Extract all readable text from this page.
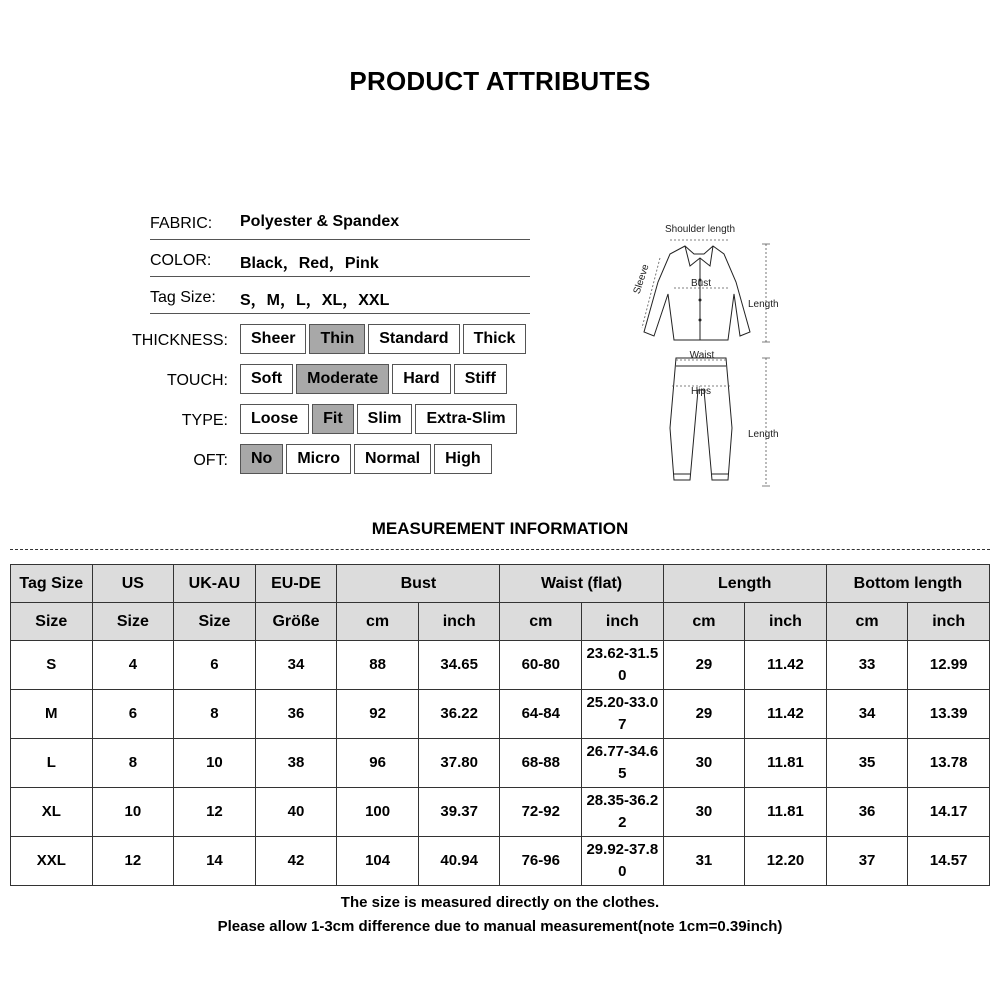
PRODUCT ATTRIBUTES
FABRIC: Polyester & Spandex
COLOR: Black，Red，Pink
Tag Size: S，M，L，XL，XXL
THICKNESS:	Sheer	Thin	Standard	Thick
TOUCH:	Soft	Moderate	Hard	Stiff
TYPE:	Loose	Fit	Slim	Extra-Slim
OFT:	No	Micro	Normal	High
Shoulder length
Sleeve	Bust
Length
Waist
Hips
Length
MEASUREMENT INFORMATION
Tag Size	US	UK-AU	EU-DE	Bust		Waist (flat)		Length		Bottom length	
Size	Size	Size	Größe	cm	inch	cm	inch	cm	inch	cm	inch
S	4	6	34	88	34.65	60-80	23.62-31.50	29	11.42	33	12.99
M	6	8	36	92	36.22	64-84	25.20-33.07	29	11.42	34	13.39
L	8	10	38	96	37.80	68-88	26.77-34.65	30	11.81	35	13.78
XL	10	12	40	100	39.37	72-92	28.35-36.22	30	11.81	36	14.17
XXL	12	14	42	104	40.94	76-96	29.92-37.80	31	12.20	37	14.57
The size is measured directly on the clothes.
Please allow 1-3cm difference due to manual measurement(note 1cm=0.39inch)
